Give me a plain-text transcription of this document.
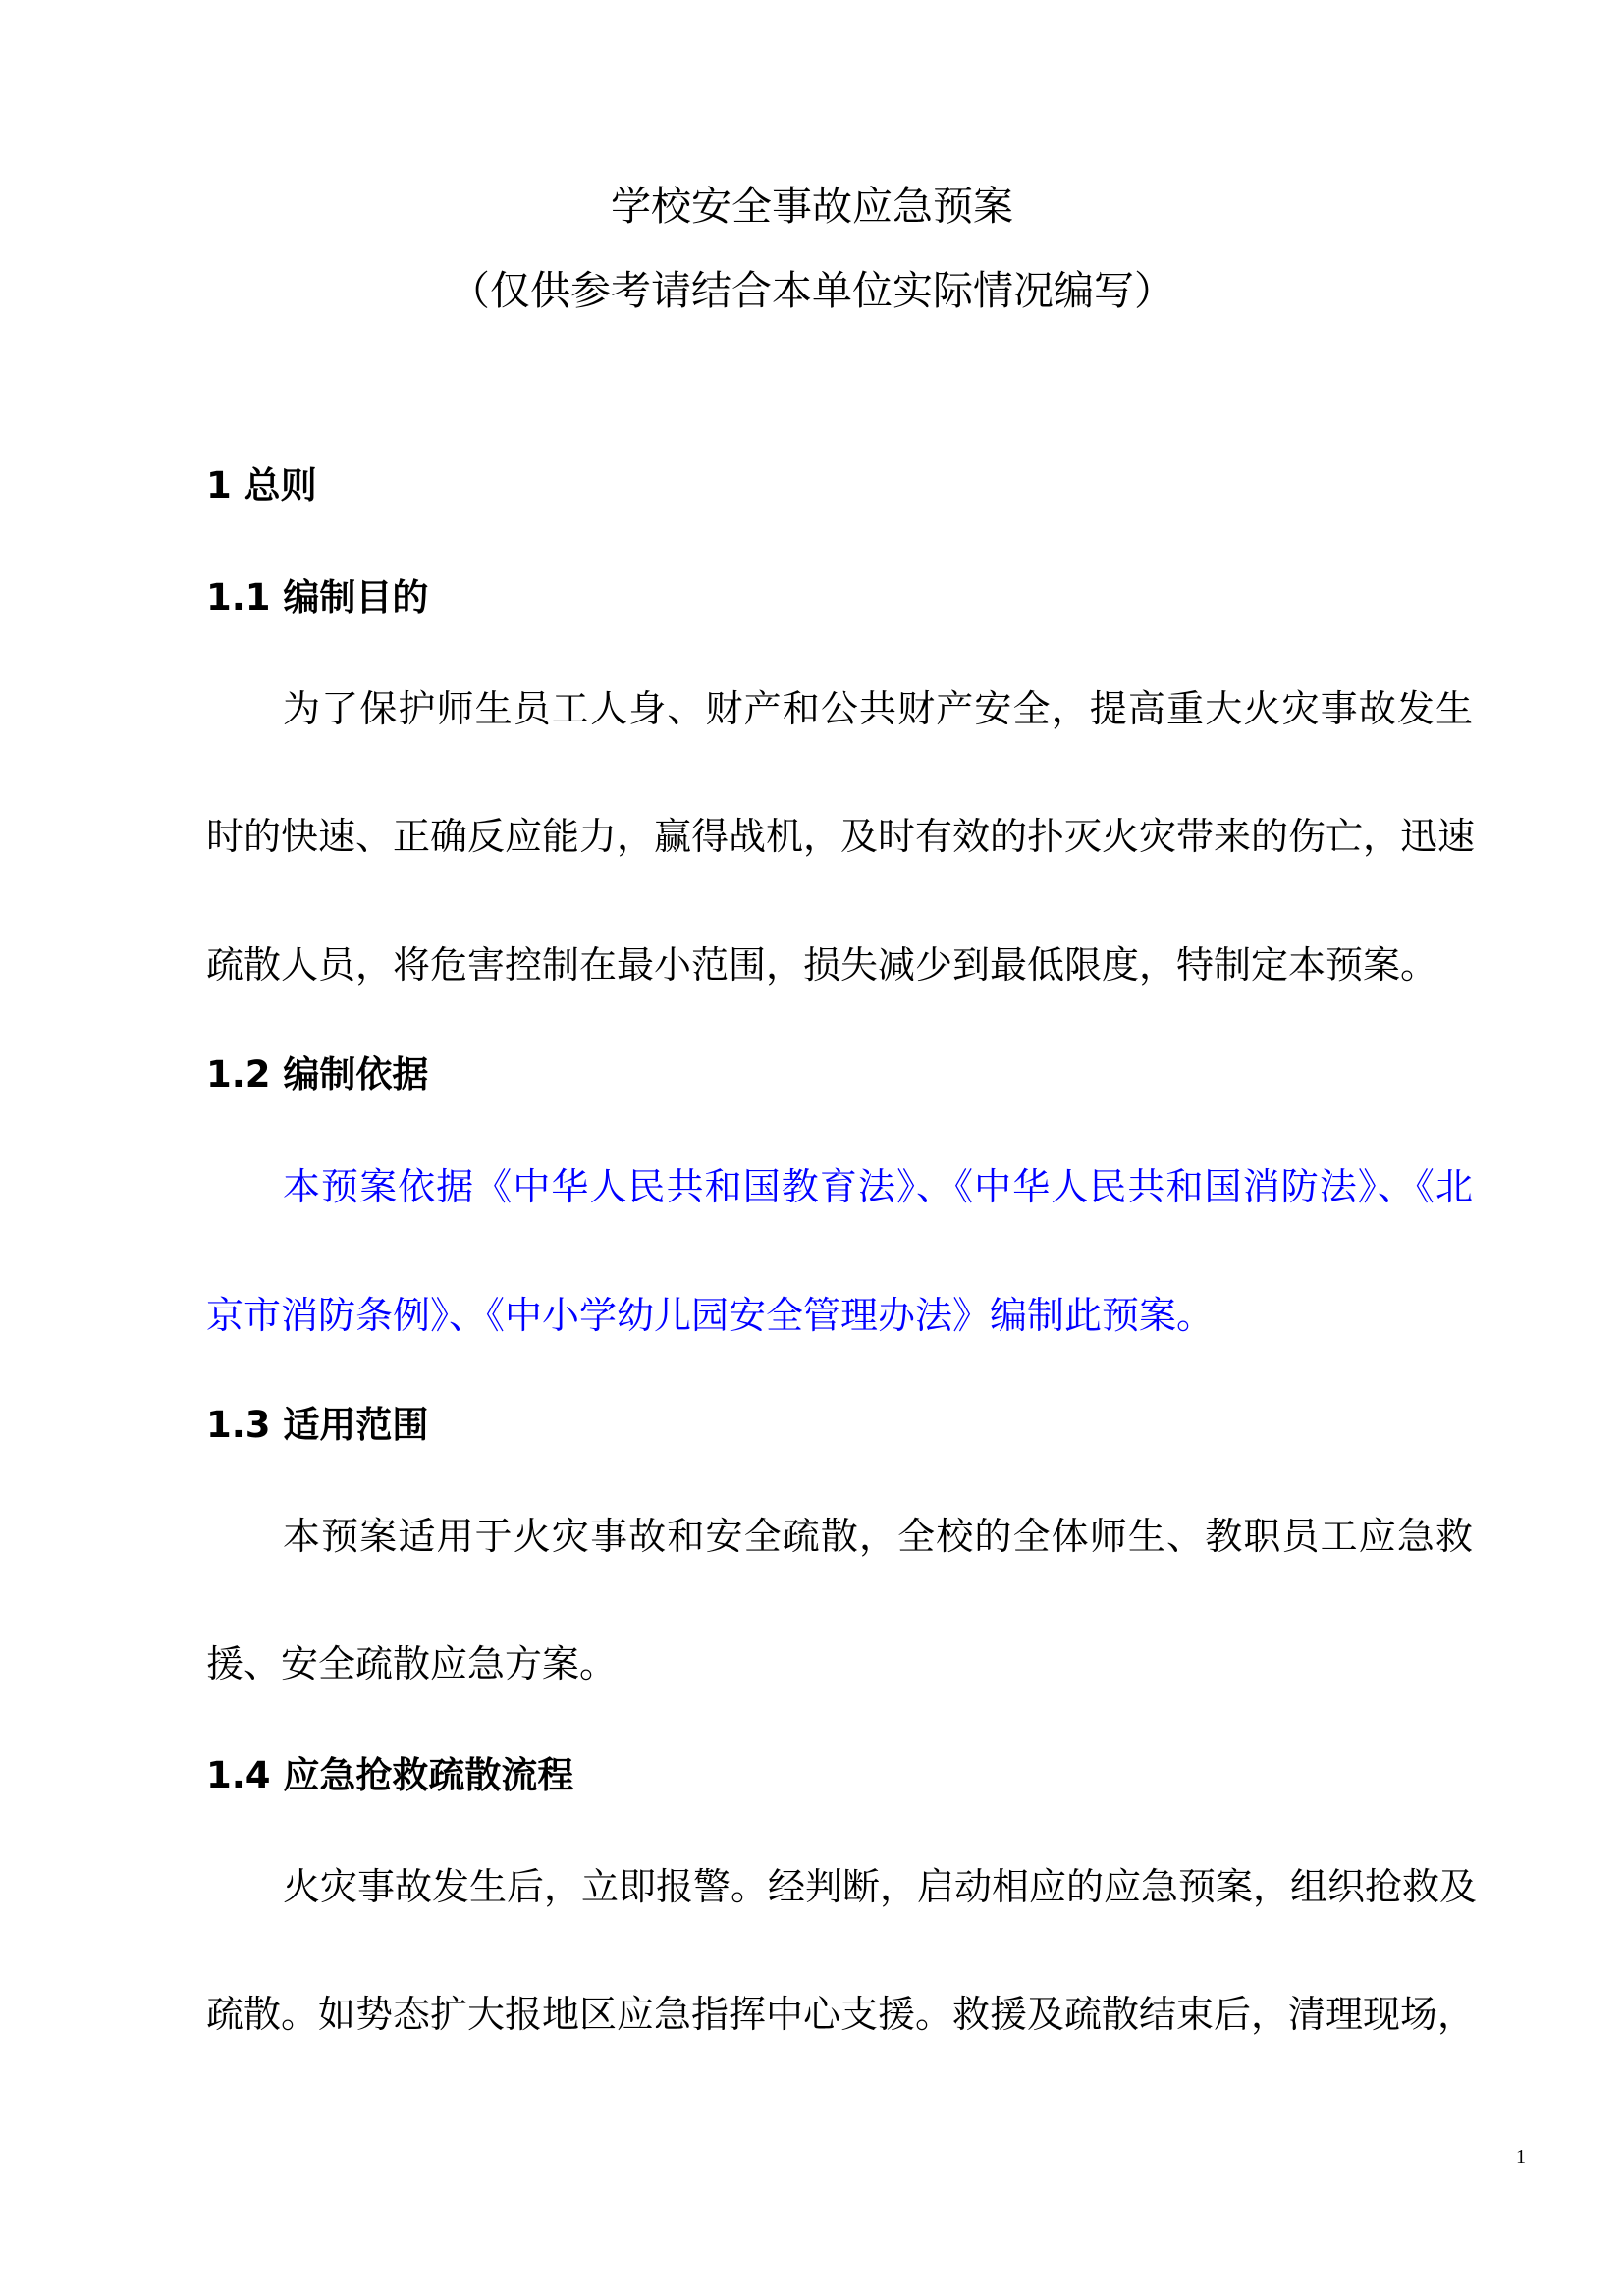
学校安全事故应急预案
（仅供参考请结合本单位实际情况编写）
1 总则
1.1 编制目的
为了保护师生员工人身、财产和公共财产安全，提高重大火灾事故发生
时的快速、正确反应能力，赢得战机，及时有效的扑灭火灾带来的伤亡，迅速
疏散人员，将危害控制在最小范围，损失减少到最低限度，特制定本预案。
1.2 编制依据
本预案依据《中华人民共和国教育法》、《中华人民共和国消防法》、《北
京市消防条例》、《中小学幼儿园安全管理办法》编制此预案。
1.3 适用范围
本预案适用于火灾事故和安全疏散，全校的全体师生、教职员工应急救
援、安全疏散应急方案。
1.4 应急抢救疏散流程
火灾事故发生后，立即报警。经判断，启动相应的应急预案，组织抢救及
疏散。如势态扩大报地区应急指挥中心支援。救援及疏散结束后，清理现场，
1
